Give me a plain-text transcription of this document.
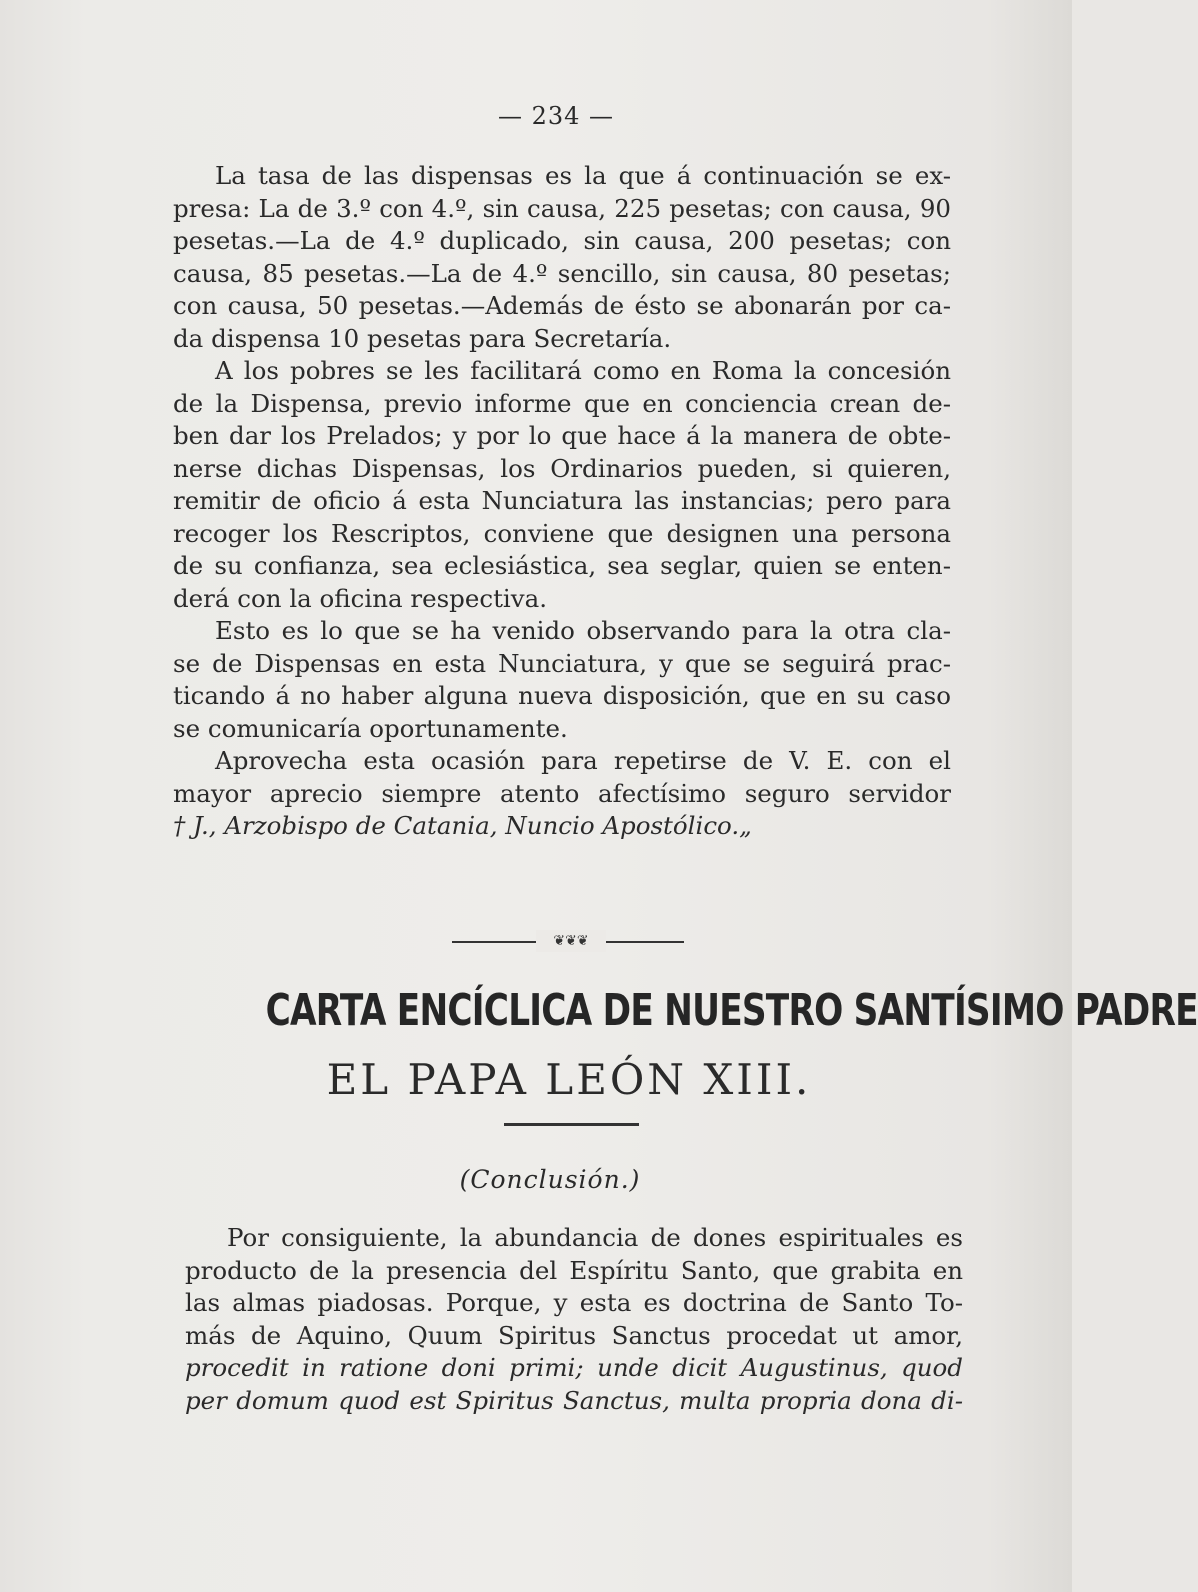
— 234 —
La tasa de las dispensas es la que á continuación se ex-
presa: La de 3.º con 4.º, sin causa, 225 pesetas; con causa, 90
pesetas.—La de 4.º duplicado, sin causa, 200 pesetas; con
causa, 85 pesetas.—La de 4.º sencillo, sin causa, 80 pesetas;
con causa, 50 pesetas.—Además de ésto se abonarán por ca-
da dispensa 10 pesetas para Secretaría.
A los pobres se les facilitará como en Roma la concesión
de la Dispensa, previo informe que en conciencia crean de-
ben dar los Prelados; y por lo que hace á la manera de obte-
nerse dichas Dispensas, los Ordinarios pueden, si quieren,
remitir de oficio á esta Nunciatura las instancias; pero para
recoger los Rescriptos, conviene que designen una persona
de su confianza, sea eclesiástica, sea seglar, quien se enten-
derá con la oficina respectiva.
Esto es lo que se ha venido observando para la otra cla-
se de Dispensas en esta Nunciatura, y que se seguirá prac-
ticando á no haber alguna nueva disposición, que en su caso
se comunicaría oportunamente.
Aprovecha esta ocasión para repetirse de V. E. con el
mayor aprecio siempre atento afectísimo seguro servidor
† J., Arzobispo de Catania, Nuncio Apostólico.„
❦❦❦
CARTA ENCÍCLICA DE NUESTRO SANTÍSIMO PADRE
EL PAPA LEÓN XIII.
(Conclusión.)
Por consiguiente, la abundancia de dones espirituales es
producto de la presencia del Espíritu Santo, que grabita en
las almas piadosas. Porque, y esta es doctrina de Santo To-
más de Aquino, Quum Spiritus Sanctus procedat ut amor,
procedit in ratione doni primi; unde dicit Augustinus, quod
per domum quod est Spiritus Sanctus, multa propria dona di-
